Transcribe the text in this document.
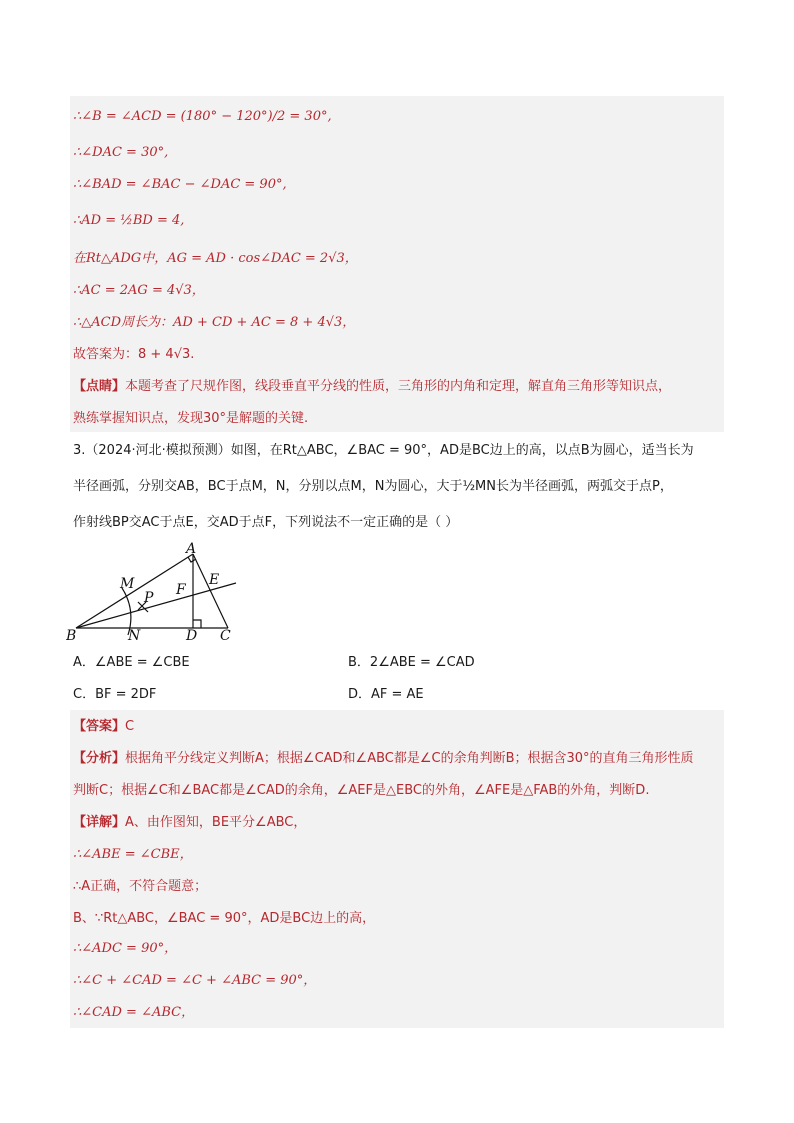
∴∠B = ∠ACD = (180° − 120°)/2 = 30°,
∴∠DAC = 30°,
∴∠BAD = ∠BAC − ∠DAC = 90°,
∴AD = ½BD = 4,
在Rt△ADG中，AG = AD · cos∠DAC = 2√3，
∴AC = 2AG = 4√3，
∴△ACD周长为：AD + CD + AC = 8 + 4√3，
故答案为：8 + 4√3.
【点睛】本题考查了尺规作图，线段垂直平分线的性质，三角形的内角和定理，解直角三角形等知识点，
熟练掌握知识点，发现30°是解题的关键.
3.（2024·河北·模拟预测）如图，在Rt△ABC，∠BAC = 90°，AD是BC边上的高，以点B为圆心，适当长为
半径画弧，分别交AB，BC于点M，N，分别以点M，N为圆心，大于½MN长为半径画弧，两弧交于点P，
作射线BP交AC于点E，交AD于点F，下列说法不一定正确的是（ ）
B
A
C
D
N
M
P F
E
A．∠ABE = ∠CBE	B．2∠ABE = ∠CAD
C．BF = 2DF	D．AF = AE
【答案】C
【分析】根据角平分线定义判断A；根据∠CAD和∠ABC都是∠C的余角判断B；根据含30°的直角三角形性质
判断C；根据∠C和∠BAC都是∠CAD的余角，∠AEF是△EBC的外角，∠AFE是△FAB的外角，判断D.
【详解】A、由作图知，BE平分∠ABC，
∴∠ABE = ∠CBE，
∴A正确，不符合题意；
B、∵Rt△ABC，∠BAC = 90°，AD是BC边上的高，
∴∠ADC = 90°，
∴∠C + ∠CAD = ∠C + ∠ABC = 90°，
∴∠CAD = ∠ABC，
